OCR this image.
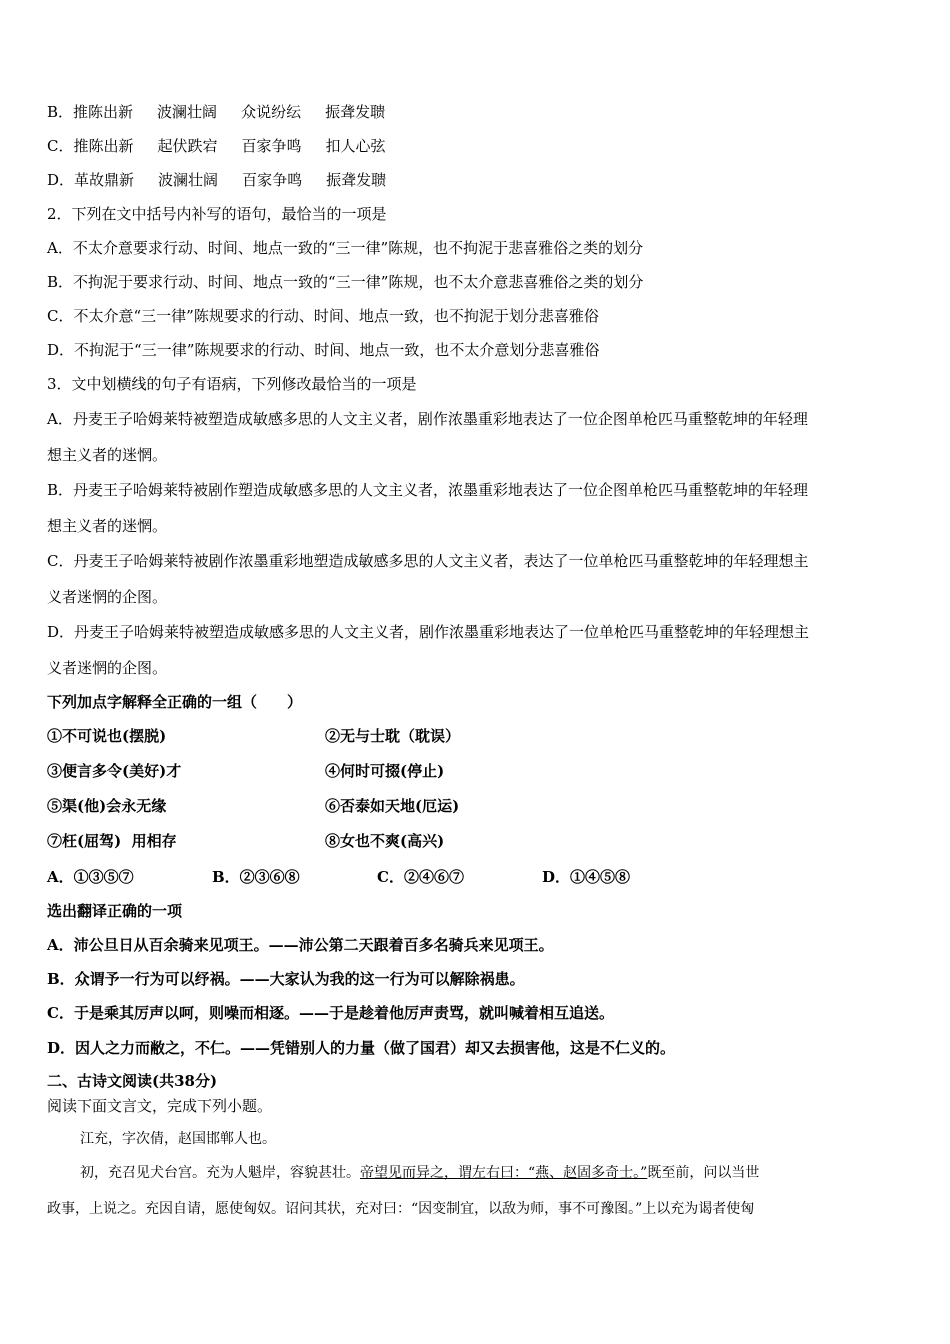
B． 推陈出新 波澜壮阔 众说纷纭 振聋发聩
C． 推陈出新 起伏跌宕 百家争鸣 扣人心弦
D． 革故鼎新 波澜壮阔 百家争鸣 振聋发聩
2．下列在文中括号内补写的语句，最恰当的一项是
A．不太介意要求行动、时间、地点一致的“三一律”陈规，也不拘泥于悲喜雅俗之类的划分
B．不拘泥于要求行动、时间、地点一致的“三一律”陈规，也不太介意悲喜雅俗之类的划分
C．不太介意“三一律”陈规要求的行动、时间、地点一致，也不拘泥于划分悲喜雅俗
D．不拘泥于“三一律”陈规要求的行动、时间、地点一致，也不太介意划分悲喜雅俗
3．文中划横线的句子有语病，下列修改最恰当的一项是
A．丹麦王子哈姆莱特被塑造成敏感多思的人文主义者，剧作浓墨重彩地表达了一位企图单枪匹马重整乾坤的年轻理
想主义者的迷惘。
B．丹麦王子哈姆莱特被剧作塑造成敏感多思的人文主义者，浓墨重彩地表达了一位企图单枪匹马重整乾坤的年轻理
想主义者的迷惘。
C．丹麦王子哈姆莱特被剧作浓墨重彩地塑造成敏感多思的人文主义者，表达了一位单枪匹马重整乾坤的年轻理想主
义者迷惘的企图。
D．丹麦王子哈姆莱特被塑造成敏感多思的人文主义者，剧作浓墨重彩地表达了一位单枪匹马重整乾坤的年轻理想主
义者迷惘的企图。
下列加点字解释全正确的一组（　　）
①不可说也(摆脱)	②无与士耽（耽误）
③便言多令(美好)才	④何时可掇(停止)
⑤渠(他)会永无缘	⑥否泰如天地(厄运)
⑦枉(屈驾)  用相存	⑧女也不爽(高兴)
A．①③⑤⑦	B．②③⑥⑧	C．②④⑥⑦	D．①④⑤⑧
选出翻译正确的一项
A．沛公旦日从百余骑来见项王。——沛公第二天跟着百多名骑兵来见项王。
B．众谓予一行为可以纾祸。——大家认为我的这一行为可以解除祸患。
C．于是乘其厉声以呵，则噪而相逐。——于是趁着他厉声责骂，就叫喊着相互追送。
D．因人之力而敝之，不仁。——凭错别人的力量（做了国君）却又去损害他，这是不仁义的。
二、古诗文阅读(共38分)
阅读下面文言文，完成下列小题。
江充，字次倩，赵国邯郸人也。
初，充召见犬台宫。充为人魁岸，容貌甚壮。帝望见而异之，谓左右曰：“燕、赵固多奇士。”既至前，问以当世
政事，上说之。充因自请，愿使匈奴。诏问其状，充对曰：“因变制宜，以敌为师，事不可豫图。”上以充为谒者使匈
